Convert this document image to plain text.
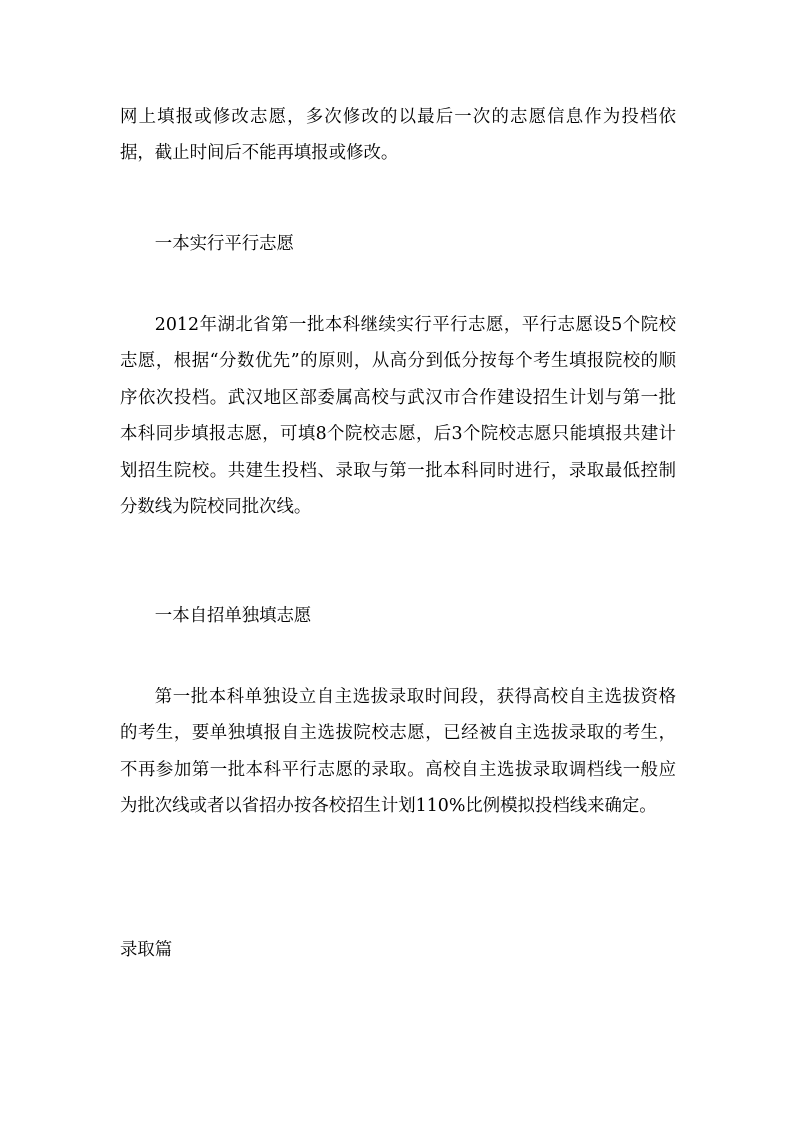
网上填报或修改志愿，多次修改的以最后一次的志愿信息作为投档依据，截止时间后不能再填报或修改。

一本实行平行志愿

2012年湖北省第一批本科继续实行平行志愿，平行志愿设5个院校志愿，根据“分数优先”的原则，从高分到低分按每个考生填报院校的顺序依次投档。武汉地区部委属高校与武汉市合作建设招生计划与第一批本科同步填报志愿，可填8个院校志愿，后3个院校志愿只能填报共建计划招生院校。共建生投档、录取与第一批本科同时进行，录取最低控制分数线为院校同批次线。

一本自招单独填志愿

第一批本科单独设立自主选拔录取时间段，获得高校自主选拔资格的考生，要单独填报自主选拔院校志愿，已经被自主选拔录取的考生，不再参加第一批本科平行志愿的录取。高校自主选拔录取调档线一般应为批次线或者以省招办按各校招生计划110%比例模拟投档线来确定。

录取篇
